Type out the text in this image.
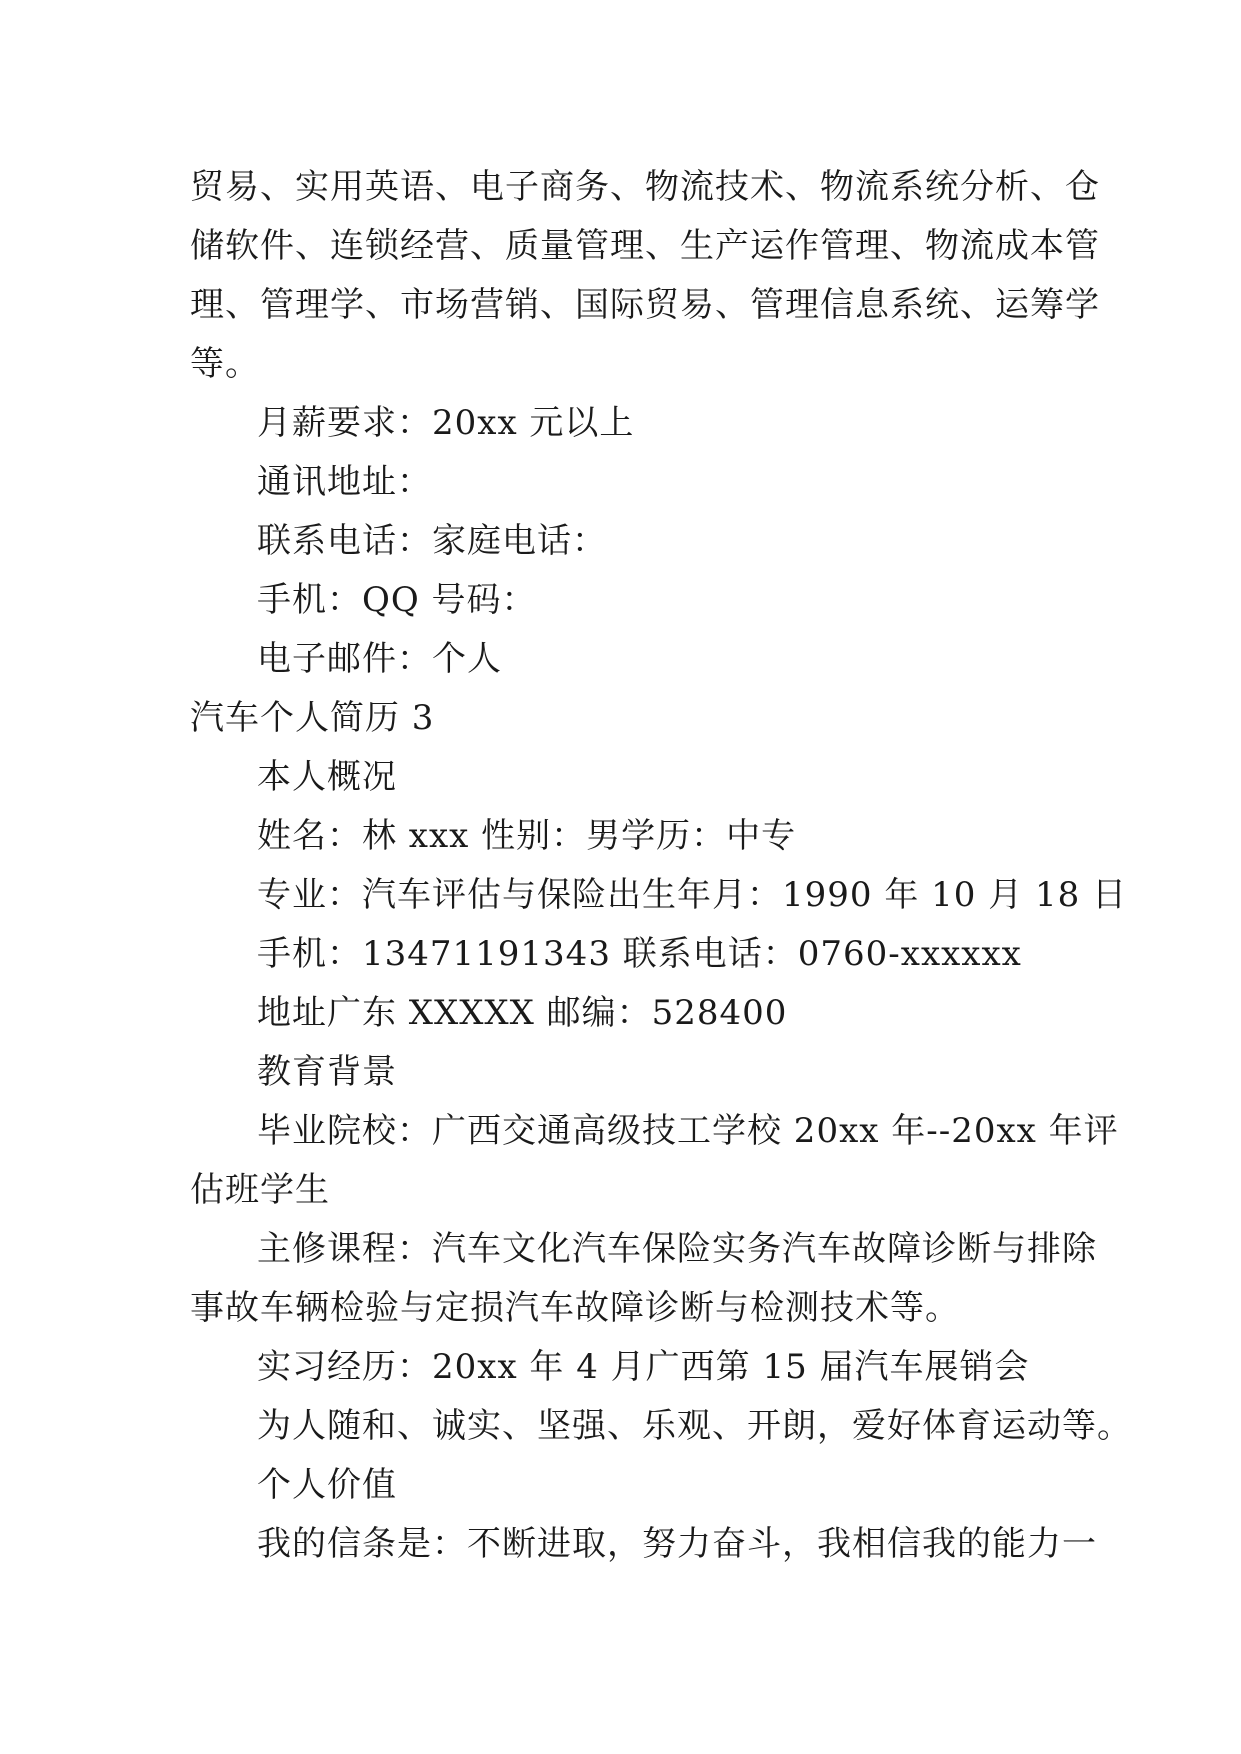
贸易、实用英语、电子商务、物流技术、物流系统分析、仓
储软件、连锁经营、质量管理、生产运作管理、物流成本管
理、管理学、市场营销、国际贸易、管理信息系统、运筹学
等。
月薪要求：20xx 元以上
通讯地址：
联系电话：家庭电话：
手机：QQ 号码：
电子邮件：个人
汽车个人简历 3
本人概况
姓名：林 xxx 性别：男学历：中专
专业：汽车评估与保险出生年月：1990 年 10 月 18 日
手机：13471191343 联系电话：0760-xxxxxx
地址广东 XXXXX 邮编：528400
教育背景
毕业院校：广西交通高级技工学校 20xx 年--20xx 年评
估班学生
主修课程：汽车文化汽车保险实务汽车故障诊断与排除
事故车辆检验与定损汽车故障诊断与检测技术等。
实习经历：20xx 年 4 月广西第 15 届汽车展销会
为人随和、诚实、坚强、乐观、开朗，爱好体育运动等。
个人价值
我的信条是：不断进取，努力奋斗，我相信我的能力一
